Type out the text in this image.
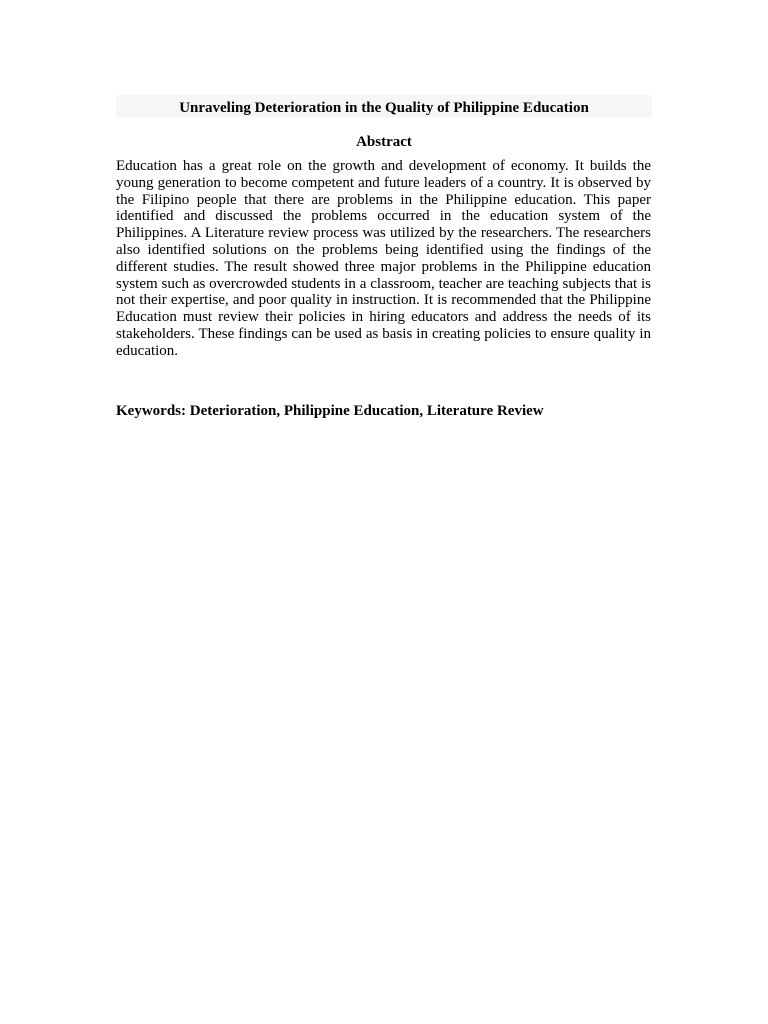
Unraveling Deterioration in the Quality of Philippine Education
Abstract

Education has a great role on the growth and development of economy. It builds the young generation to become competent and future leaders of a country. It is observed by the Filipino people that there are problems in the Philippine education. This paper identified and discussed the problems occurred in the education system of the Philippines. A Literature review process was utilized by the researchers. The researchers also identified solutions on the problems being identified using the findings of the different studies. The result showed three major problems in the Philippine education system such as overcrowded students in a classroom, teacher are teaching subjects that is not their expertise, and poor quality in instruction. It is recommended that the Philippine Education must review their policies in hiring educators and address the needs of its stakeholders. These findings can be used as basis in creating policies to ensure quality in education.

Keywords: Deterioration, Philippine Education, Literature Review
